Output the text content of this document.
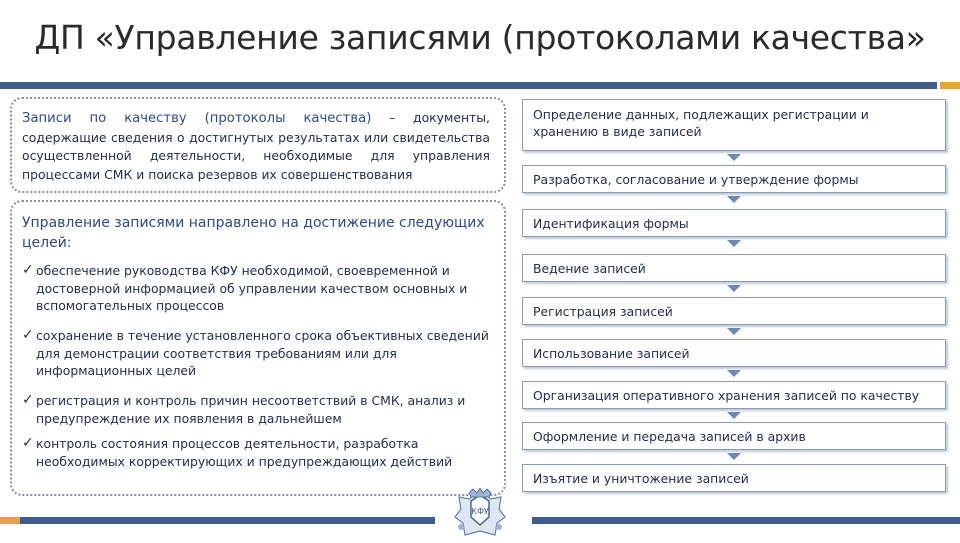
ДП «Управление записями (протоколами качества»
Записи по качеству (протоколы качества) – документы, содержащие сведения о достигнутых результатах или свидетельства осуществленной деятельности, необходимые для управления процессами СМК и поиска резервов их совершенствования
Управление записями направлено на достижение следующих целей:
✓ обеспечение руководства КФУ необходимой, своевременной и достоверной информацией об управлении качеством основных и вспомогательных процессов
✓ сохранение в течение установленного срока объективных сведений для демонстрации соответствия требованиям или для информационных целей
✓ регистрация и контроль причин несоответствий в СМК, анализ и предупреждение их появления в дальнейшем
✓ контроль состояния процессов деятельности, разработка необходимых корректирующих и предупреждающих действий
Определение данных, подлежащих регистрации и хранению в виде записей
Разработка, согласование и утверждение формы
Идентификация формы
Ведение записей
Регистрация записей
Использование записей
Организация оперативного хранения записей по качеству
Оформление и передача записей в архив
Изъятие и уничтожение записей
КФУ
